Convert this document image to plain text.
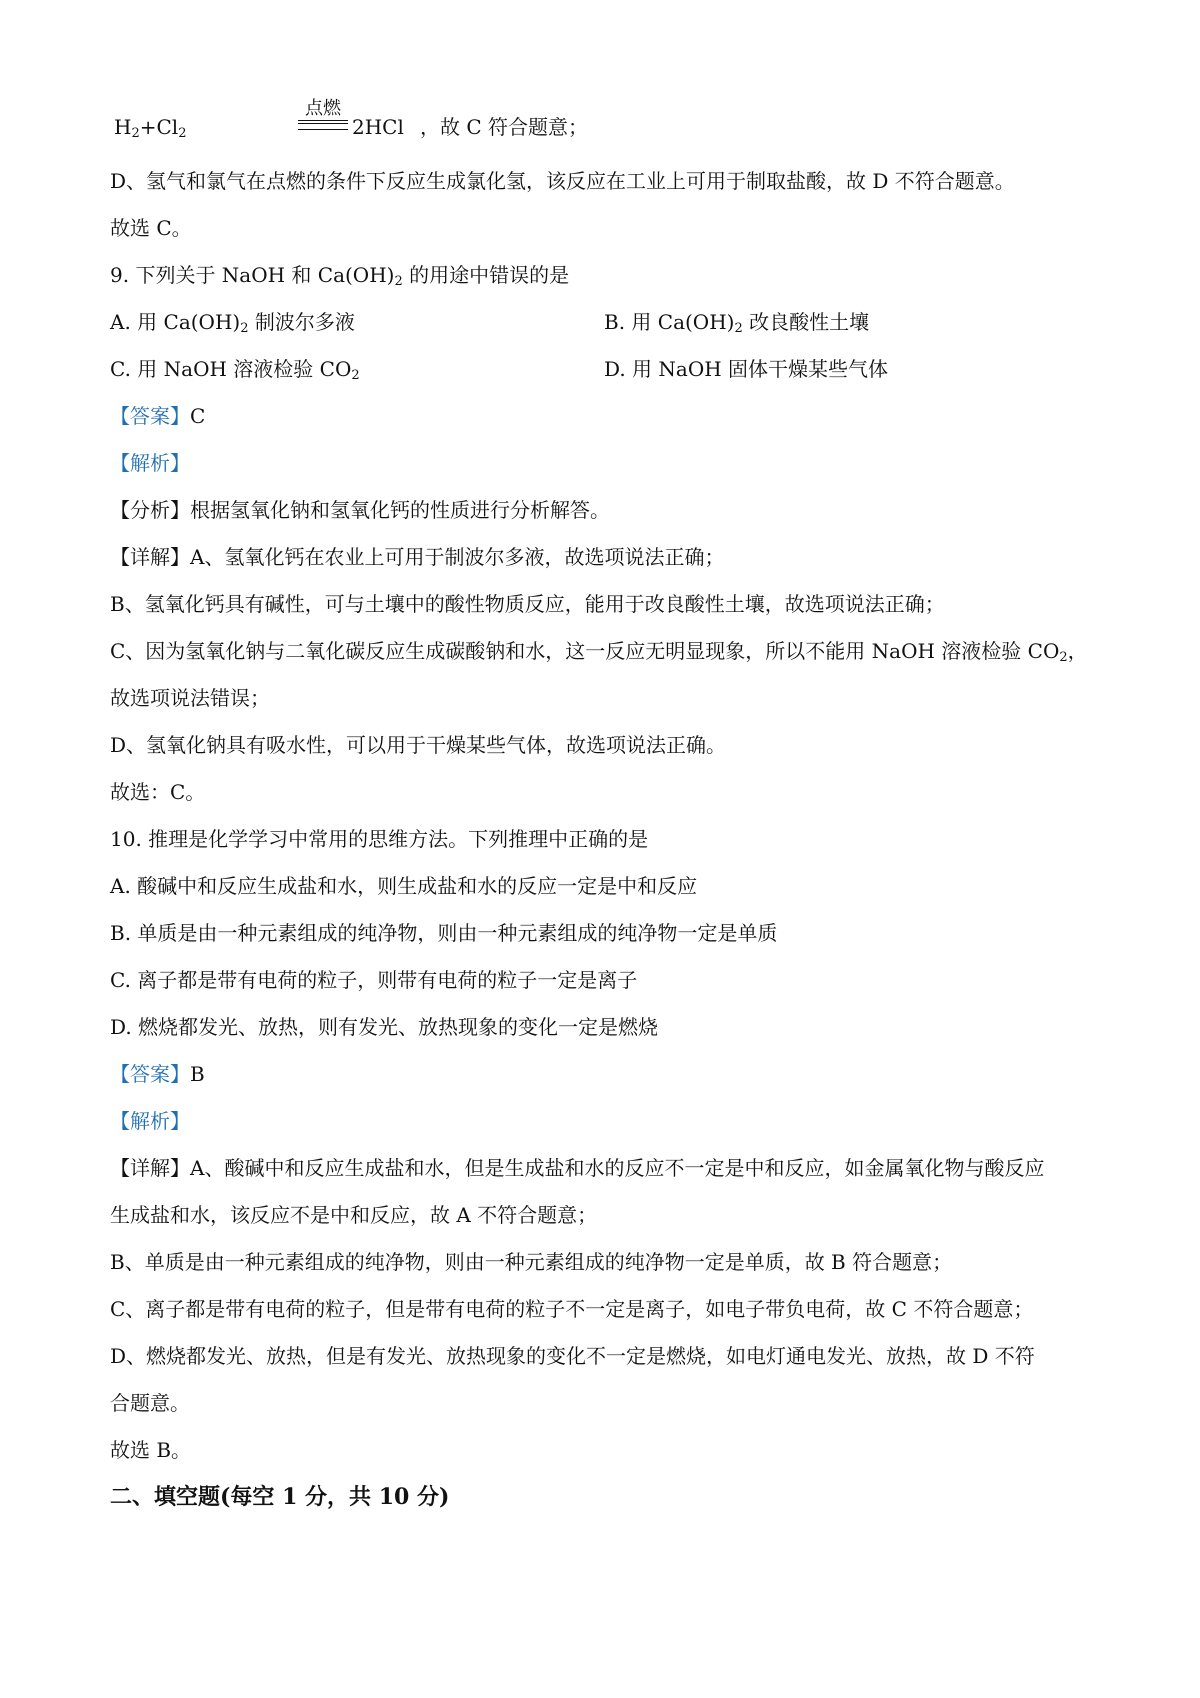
$H_2+Cl_2$
点燃
2HCl ，故 C 符合题意；
D、氢气和氯气在点燃的条件下反应生成氯化氢，该反应在工业上可用于制取盐酸，故 D 不符合题意。
故选 C。
9. 下列关于 NaOH 和 $Ca(OH)_2$ 的用途中错误的是
A. 用 $Ca(OH)_2$ 制波尔多液	B. 用 $Ca(OH)_2$ 改良酸性土壤
C. 用 NaOH 溶液检验 $CO_2$	D. 用 NaOH 固体干燥某些气体
【答案】C
【解析】
【分析】根据氢氧化钠和氢氧化钙的性质进行分析解答。
【详解】A、氢氧化钙在农业上可用于制波尔多液，故选项说法正确；
B、氢氧化钙具有碱性，可与土壤中的酸性物质反应，能用于改良酸性土壤，故选项说法正确；
C、因为氢氧化钠与二氧化碳反应生成碳酸钠和水，这一反应无明显现象，所以不能用 NaOH 溶液检验 $CO_2$，
故选项说法错误；
D、氢氧化钠具有吸水性，可以用于干燥某些气体，故选项说法正确。
故选：C。
10. 推理是化学学习中常用的思维方法。下列推理中正确的是
A. 酸碱中和反应生成盐和水，则生成盐和水的反应一定是中和反应
B. 单质是由一种元素组成的纯净物，则由一种元素组成的纯净物一定是单质
C. 离子都是带有电荷的粒子，则带有电荷的粒子一定是离子
D. 燃烧都发光、放热，则有发光、放热现象的变化一定是燃烧
【答案】B
【解析】
【详解】A、酸碱中和反应生成盐和水，但是生成盐和水的反应不一定是中和反应，如金属氧化物与酸反应
生成盐和水，该反应不是中和反应，故 A 不符合题意；
B、单质是由一种元素组成的纯净物，则由一种元素组成的纯净物一定是单质，故 B 符合题意；
C、离子都是带有电荷的粒子，但是带有电荷的粒子不一定是离子，如电子带负电荷，故 C 不符合题意；
D、燃烧都发光、放热，但是有发光、放热现象的变化不一定是燃烧，如电灯通电发光、放热，故 D 不符
合题意。
故选 B。
二、填空题(每空 1 分，共 10 分)
